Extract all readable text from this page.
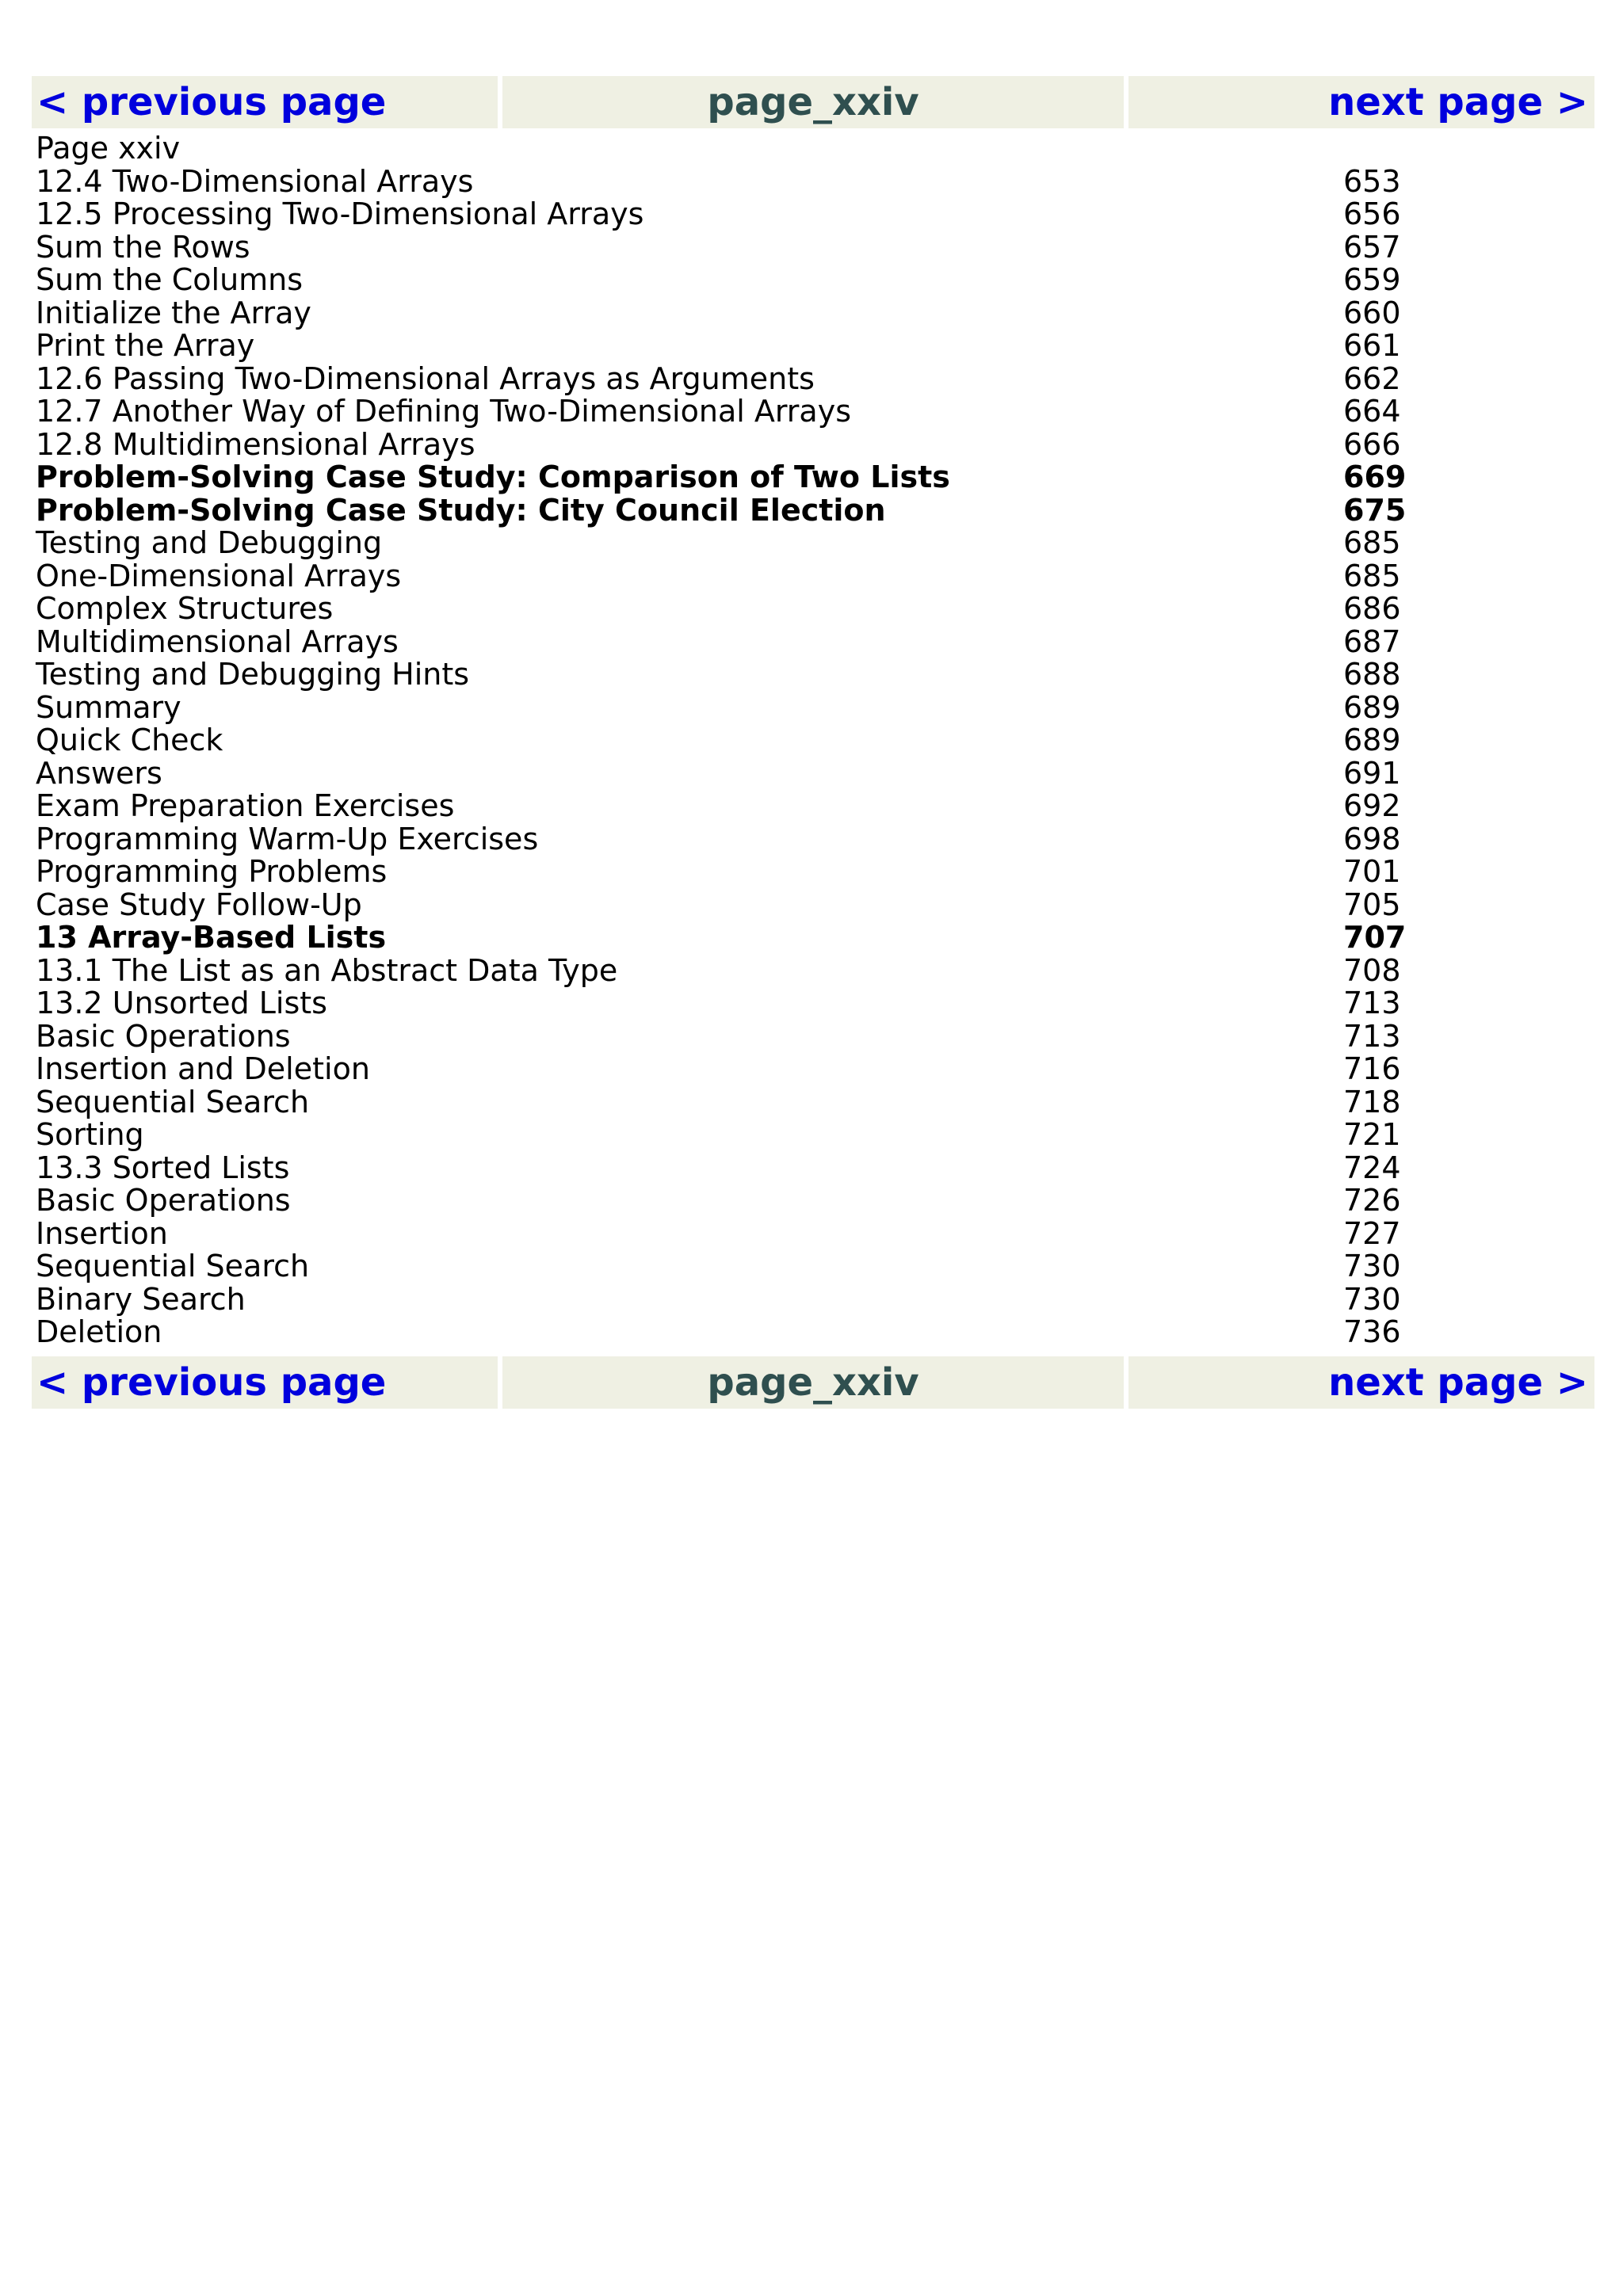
< previous page	page_xxiv	next page >
Page xxiv
12.4 Two-Dimensional Arrays	653
12.5 Processing Two-Dimensional Arrays	656
Sum the Rows	657
Sum the Columns	659
Initialize the Array	660
Print the Array	661
12.6 Passing Two-Dimensional Arrays as Arguments	662
12.7 Another Way of Defining Two-Dimensional Arrays	664
12.8 Multidimensional Arrays	666
Problem-Solving Case Study: Comparison of Two Lists	669
Problem-Solving Case Study: City Council Election	675
Testing and Debugging	685
One-Dimensional Arrays	685
Complex Structures	686
Multidimensional Arrays	687
Testing and Debugging Hints	688
Summary	689
Quick Check	689
Answers	691
Exam Preparation Exercises	692
Programming Warm-Up Exercises	698
Programming Problems	701
Case Study Follow-Up	705
13 Array-Based Lists	707
13.1 The List as an Abstract Data Type	708
13.2 Unsorted Lists	713
Basic Operations	713
Insertion and Deletion	716
Sequential Search	718
Sorting	721
13.3 Sorted Lists	724
Basic Operations	726
Insertion	727
Sequential Search	730
Binary Search	730
Deletion	736
< previous page	page_xxiv	next page >
